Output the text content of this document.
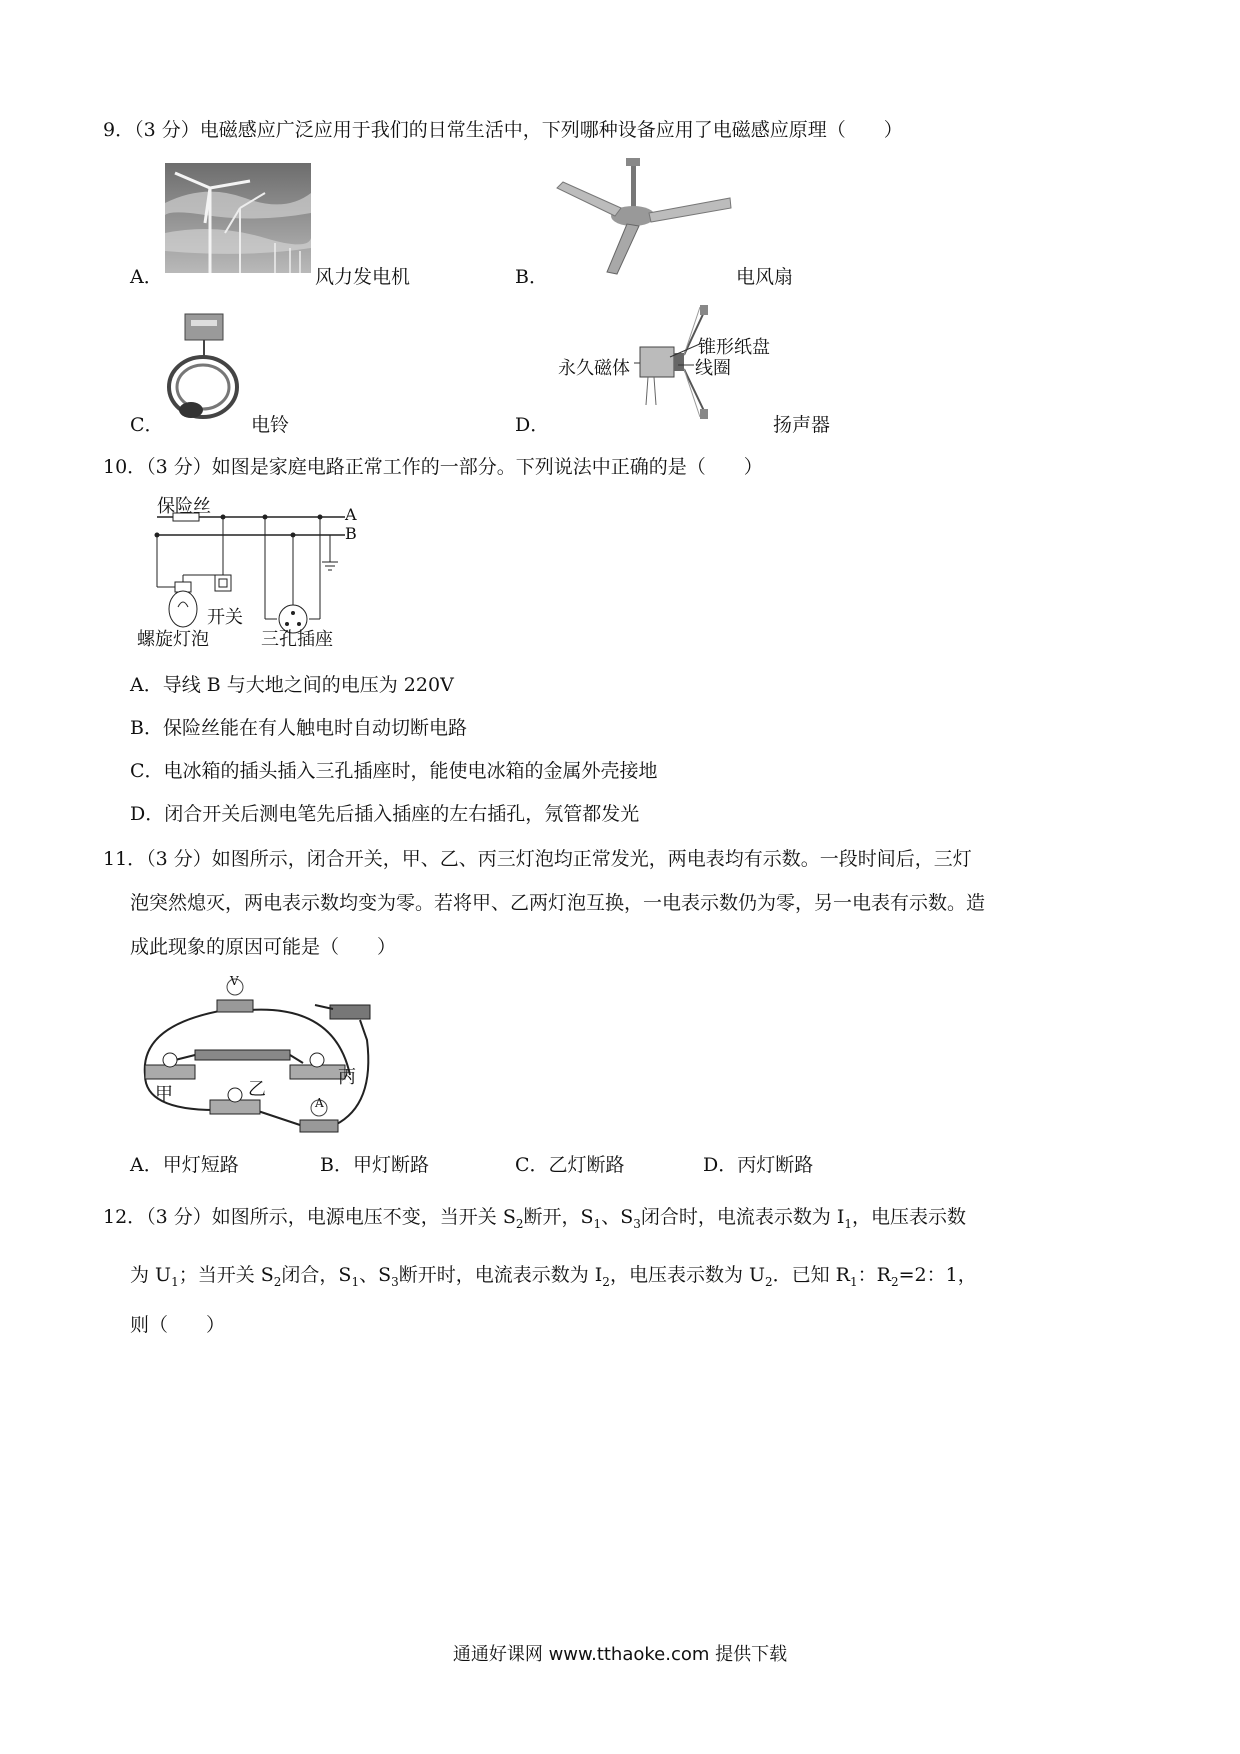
9．（3 分）电磁感应广泛应用于我们的日常生活中，下列哪种设备应用了电磁感应原理（　　）
A．	风力发电机	B．	电风扇
C．	电铃
锥形纸盘
永久磁体	线圈
D．	扬声器
10．（3 分）如图是家庭电路正常工作的一部分。下列说法中正确的是（　　）
保险丝	A
B
开关
螺旋灯泡	三孔插座
A．导线 B 与大地之间的电压为 220V
B．保险丝能在有人触电时自动切断电路
C．电冰箱的插头插入三孔插座时，能使电冰箱的金属外壳接地
D．闭合开关后测电笔先后插入插座的左右插孔，氖管都发光
11．（3 分）如图所示，闭合开关，甲、乙、丙三灯泡均正常发光，两电表均有示数。一段时间后，三灯
泡突然熄灭，两电表示数均变为零。若将甲、乙两灯泡互换，一电表示数仍为零，另一电表有示数。造
成此现象的原因可能是（　　）
V
A
甲	乙
丙
A．甲灯短路	B．甲灯断路	C．乙灯断路	D．丙灯断路
12．（3 分）如图所示，电源电压不变，当开关 $S_2$断开，$S_1$、$S_3$闭合时，电流表示数为 $I_1$，电压表示数
为 $U_1$；当开关 $S_2$闭合，$S_1$、$S_3$断开时，电流表示数为 $I_2$，电压表示数为 $U_2$．已知 $R_1$：$R_2=2$：1，
则（　　）
通通好课网 www.tthaoke.com 提供下载
